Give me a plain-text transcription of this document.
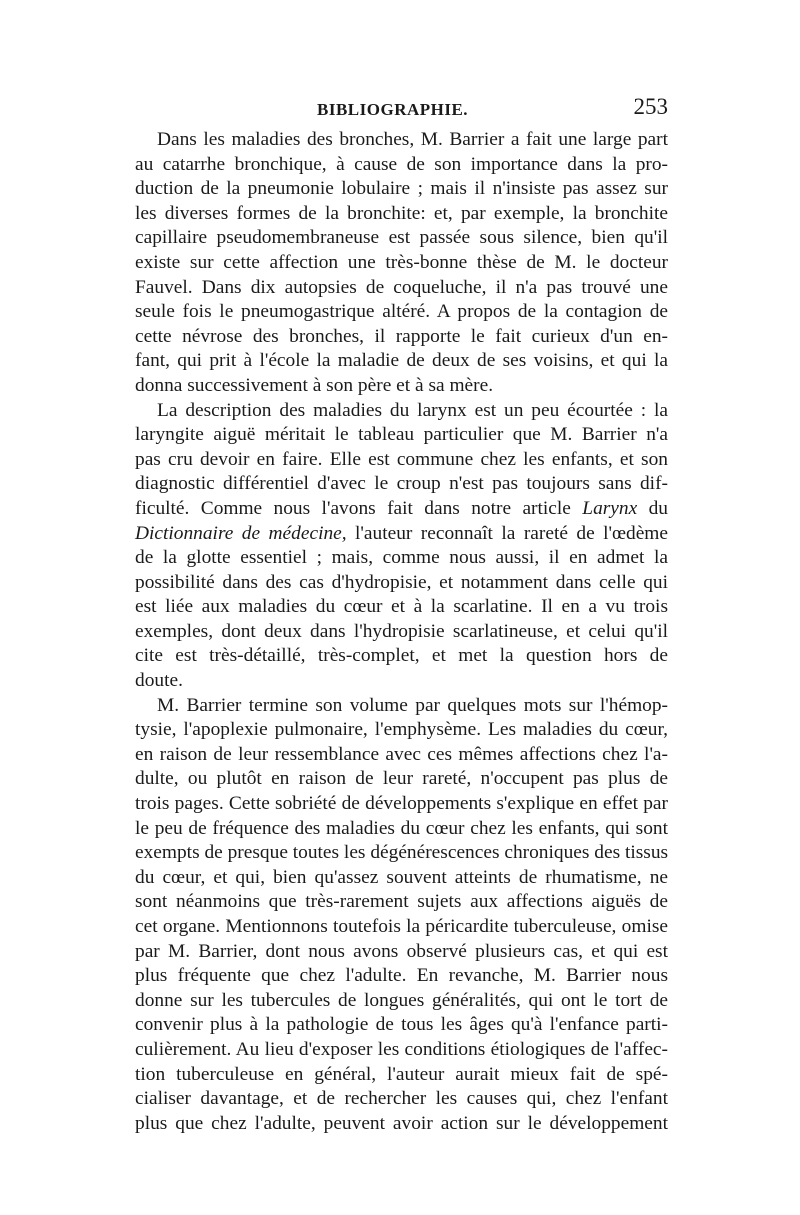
BIBLIOGRAPHIE.	253
Dans les maladies des bronches, M. Barrier a fait une large part
au catarrhe bronchique, à cause de son importance dans la pro-
duction de la pneumonie lobulaire ; mais il n'insiste pas assez sur
les diverses formes de la bronchite: et, par exemple, la bronchite
capillaire pseudomembraneuse est passée sous silence, bien qu'il
existe sur cette affection une très-bonne thèse de M. le docteur
Fauvel. Dans dix autopsies de coqueluche, il n'a pas trouvé une
seule fois le pneumogastrique altéré. A propos de la contagion de
cette névrose des bronches, il rapporte le fait curieux d'un en-
fant, qui prit à l'école la maladie de deux de ses voisins, et qui la
donna successivement à son père et à sa mère.
La description des maladies du larynx est un peu écourtée : la
laryngite aiguë méritait le tableau particulier que M. Barrier n'a
pas cru devoir en faire. Elle est commune chez les enfants, et son
diagnostic différentiel d'avec le croup n'est pas toujours sans dif-
ficulté. Comme nous l'avons fait dans notre article Larynx du
Dictionnaire de médecine, l'auteur reconnaît la rareté de l'œdème
de la glotte essentiel ; mais, comme nous aussi, il en admet la
possibilité dans des cas d'hydropisie, et notamment dans celle qui
est liée aux maladies du cœur et à la scarlatine. Il en a vu trois
exemples, dont deux dans l'hydropisie scarlatineuse, et celui qu'il
cite est très-détaillé, très-complet, et met la question hors de
doute.
M. Barrier termine son volume par quelques mots sur l'hémop-
tysie, l'apoplexie pulmonaire, l'emphysème. Les maladies du cœur,
en raison de leur ressemblance avec ces mêmes affections chez l'a-
dulte, ou plutôt en raison de leur rareté, n'occupent pas plus de
trois pages. Cette sobriété de développements s'explique en effet par
le peu de fréquence des maladies du cœur chez les enfants, qui sont
exempts de presque toutes les dégénérescences chroniques des tissus
du cœur, et qui, bien qu'assez souvent atteints de rhumatisme, ne
sont néanmoins que très-rarement sujets aux affections aiguës de
cet organe. Mentionnons toutefois la péricardite tuberculeuse, omise
par M. Barrier, dont nous avons observé plusieurs cas, et qui est
plus fréquente que chez l'adulte. En revanche, M. Barrier nous
donne sur les tubercules de longues généralités, qui ont le tort de
convenir plus à la pathologie de tous les âges qu'à l'enfance parti-
culièrement. Au lieu d'exposer les conditions étiologiques de l'affec-
tion tuberculeuse en général, l'auteur aurait mieux fait de spé-
cialiser davantage, et de rechercher les causes qui, chez l'enfant
plus que chez l'adulte, peuvent avoir action sur le développement
